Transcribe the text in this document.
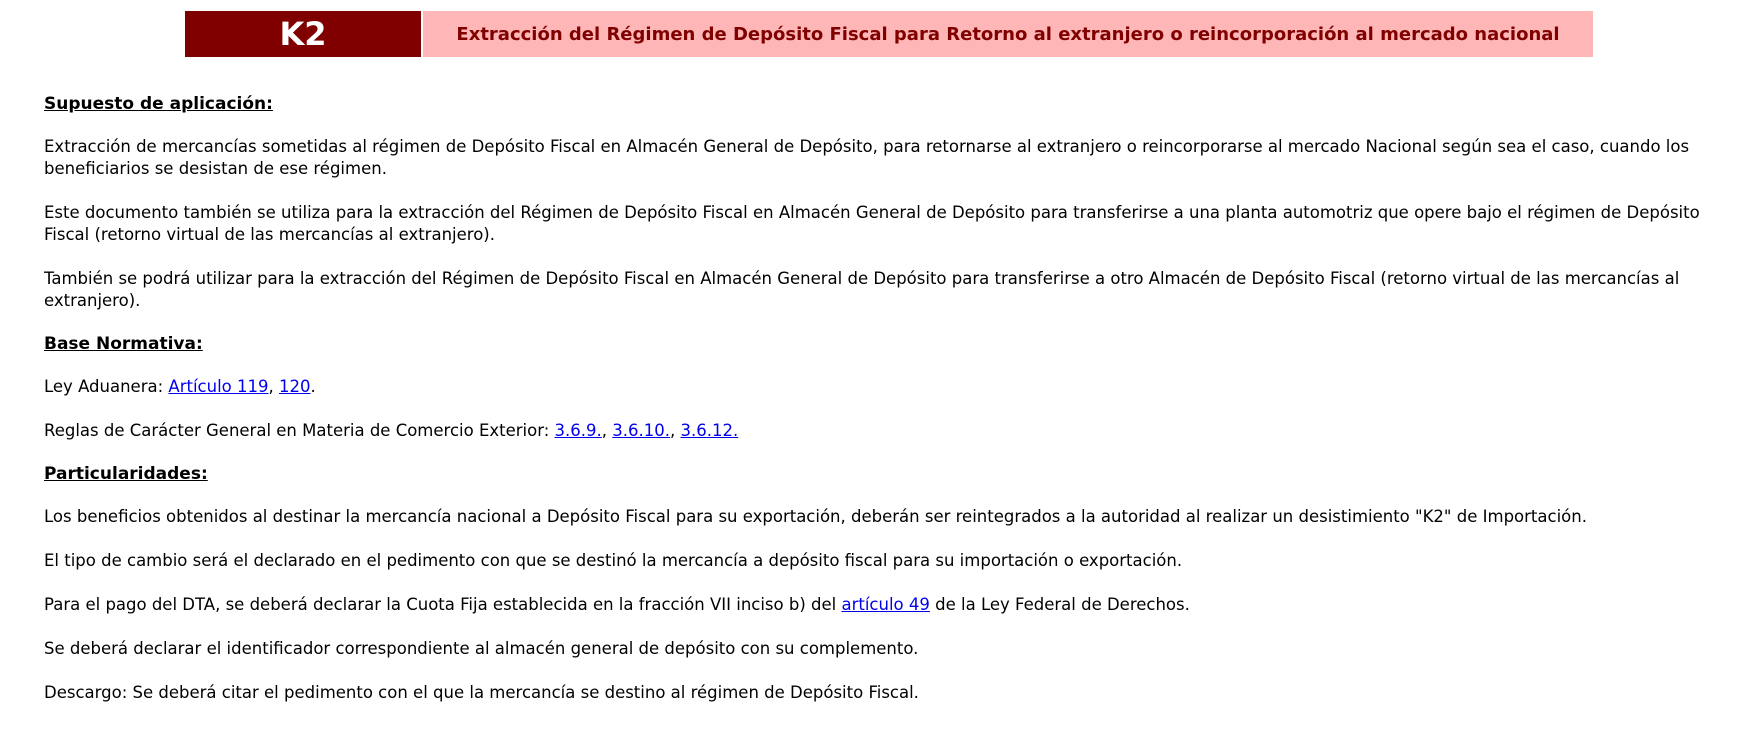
K2	Extracción del Régimen de Depósito Fiscal para Retorno al extranjero o reincorporación al mercado nacional
Supuesto de aplicación:
Extracción de mercancías sometidas al régimen de Depósito Fiscal en Almacén General de Depósito, para retornarse al extranjero o reincorporarse al mercado Nacional según sea el caso, cuando los beneficiarios se desistan de ese régimen.
Este documento también se utiliza para la extracción del Régimen de Depósito Fiscal en Almacén General de Depósito para transferirse a una planta automotriz que opere bajo el régimen de Depósito Fiscal (retorno virtual de las mercancías al extranjero).
También se podrá utilizar para la extracción del Régimen de Depósito Fiscal en Almacén General de Depósito para transferirse a otro Almacén de Depósito Fiscal (retorno virtual de las mercancías al extranjero).
Base Normativa:
Ley Aduanera: Artículo 119, 120.
Reglas de Carácter General en Materia de Comercio Exterior: 3.6.9., 3.6.10., 3.6.12.
Particularidades:
Los beneficios obtenidos al destinar la mercancía nacional a Depósito Fiscal para su exportación, deberán ser reintegrados a la autoridad al realizar un desistimiento "K2" de Importación.
El tipo de cambio será el declarado en el pedimento con que se destinó la mercancía a depósito fiscal para su importación o exportación.
Para el pago del DTA, se deberá declarar la Cuota Fija establecida en la fracción VII inciso b) del artículo 49 de la Ley Federal de Derechos.
Se deberá declarar el identificador correspondiente al almacén general de depósito con su complemento.
Descargo: Se deberá citar el pedimento con el que la mercancía se destino al régimen de Depósito Fiscal.
